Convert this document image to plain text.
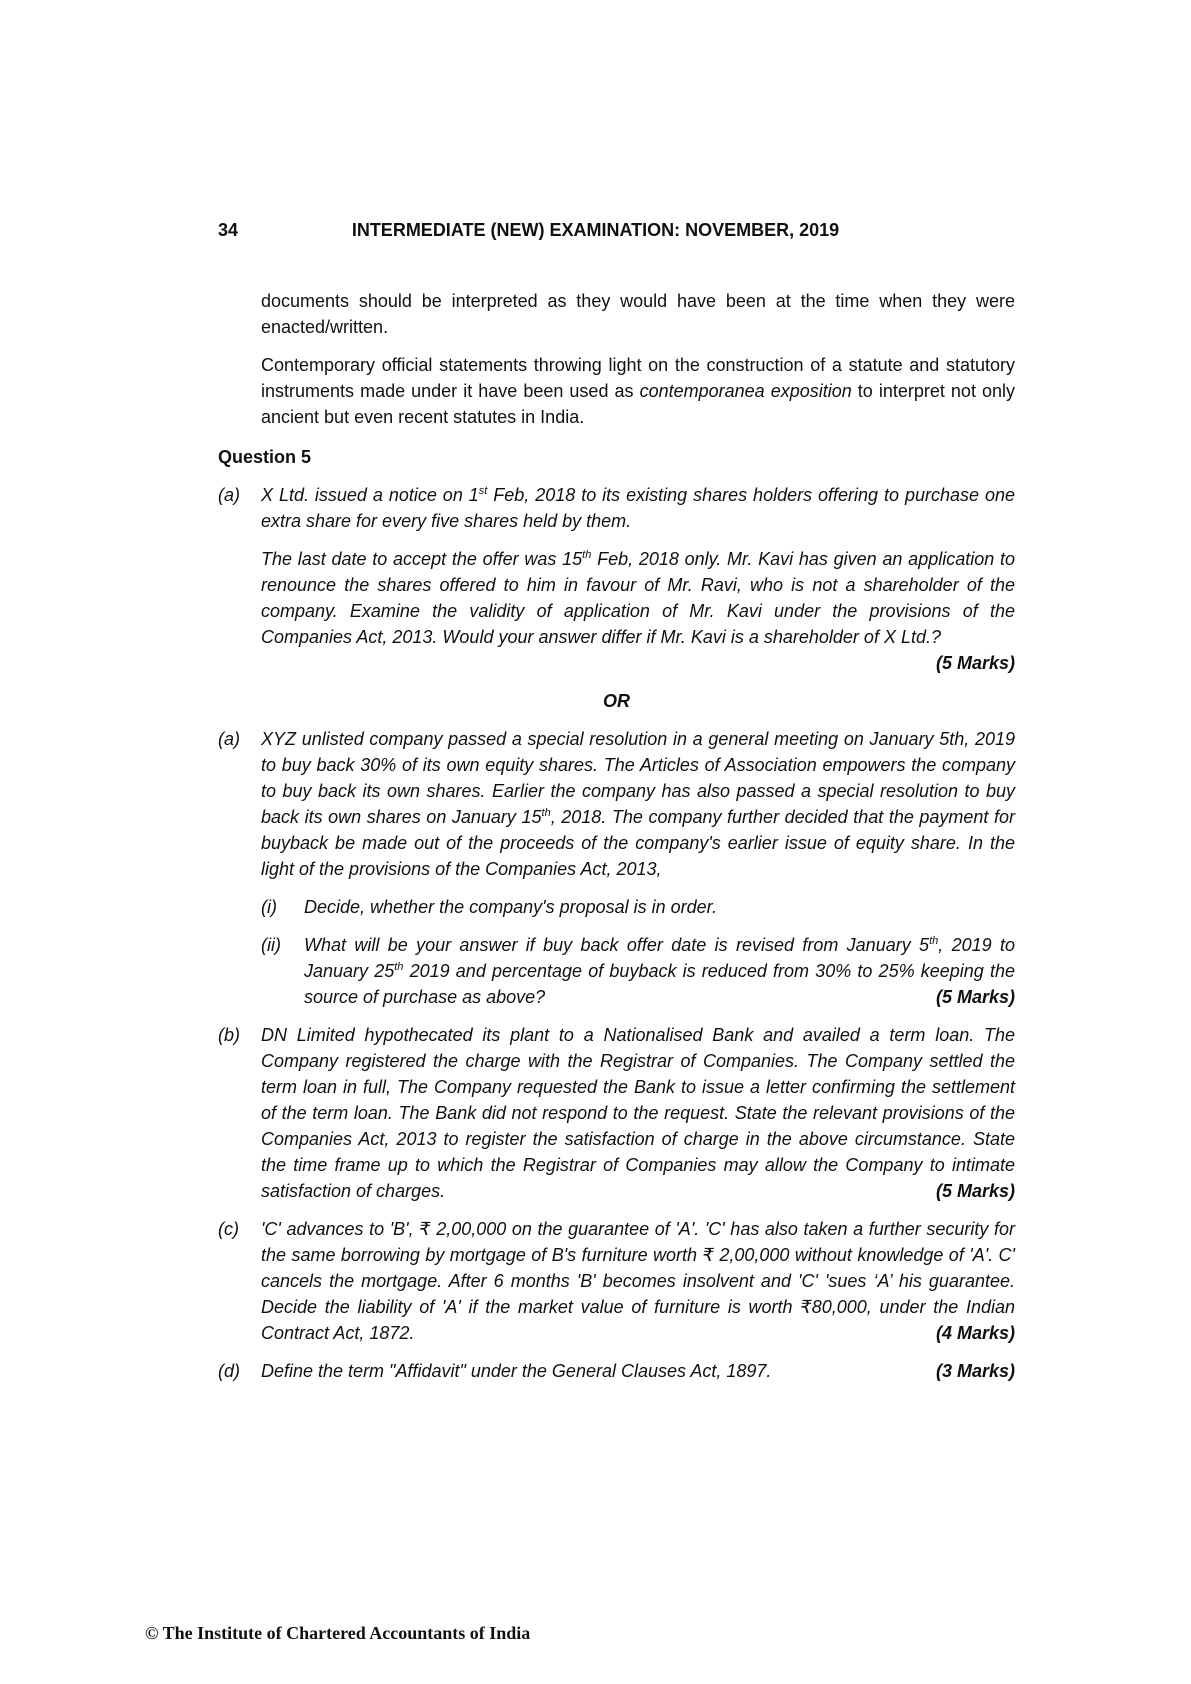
34	INTERMEDIATE (NEW) EXAMINATION: NOVEMBER, 2019

documents should be interpreted as they would have been at the time when they were enacted/written.

Contemporary official statements throwing light on the construction of a statute and statutory instruments made under it have been used as contemporanea exposition to interpret not only ancient but even recent statutes in India.

Question 5
(a)	X Ltd. issued a notice on 1st Feb, 2018 to its existing shares holders offering to purchase one extra share for every five shares held by them.

The last date to accept the offer was 15th Feb, 2018 only. Mr. Kavi has given an application to renounce the shares offered to him in favour of Mr. Ravi, who is not a shareholder of the company. Examine the validity of application of Mr. Kavi under the provisions of the Companies Act, 2013. Would your answer differ if Mr. Kavi is a shareholder of X Ltd.?
(5 Marks)

OR
(a)	XYZ unlisted company passed a special resolution in a general meeting on January 5th, 2019 to buy back 30% of its own equity shares. The Articles of Association empowers the company to buy back its own shares. Earlier the company has also passed a special resolution to buy back its own shares on January 15th, 2018. The company further decided that the payment for buyback be made out of the proceeds of the company's earlier issue of equity share. In the light of the provisions of the Companies Act, 2013,

(i)	Decide, whether the company's proposal is in order.
(ii)	What will be your answer if buy back offer date is revised from January 5th, 2019 to January 25th 2019 and percentage of buyback is reduced from 30% to 25% keeping the source of purchase as above?	(5 Marks)
(b)	DN Limited hypothecated its plant to a Nationalised Bank and availed a term loan. The Company registered the charge with the Registrar of Companies. The Company settled the term loan in full, The Company requested the Bank to issue a letter confirming the settlement of the term loan. The Bank did not respond to the request. State the relevant provisions of the Companies Act, 2013 to register the satisfaction of charge in the above circumstance. State the time frame up to which the Registrar of Companies may allow the Company to intimate satisfaction of charges.	(5 Marks)
(c)	'C' advances to 'B', ₹ 2,00,000 on the guarantee of 'A'. 'C' has also taken a further security for the same borrowing by mortgage of B's furniture worth ₹ 2,00,000 without knowledge of 'A'. C' cancels the mortgage. After 6 months 'B' becomes insolvent and 'C' 'sues ‘A’ his guarantee. Decide the liability of 'A' if the market value of furniture is worth ₹80,000, under the Indian Contract Act, 1872.	(4 Marks)
(d)	Define the term "Affidavit" under the General Clauses Act, 1897.	(3 Marks)
© The Institute of Chartered Accountants of India
